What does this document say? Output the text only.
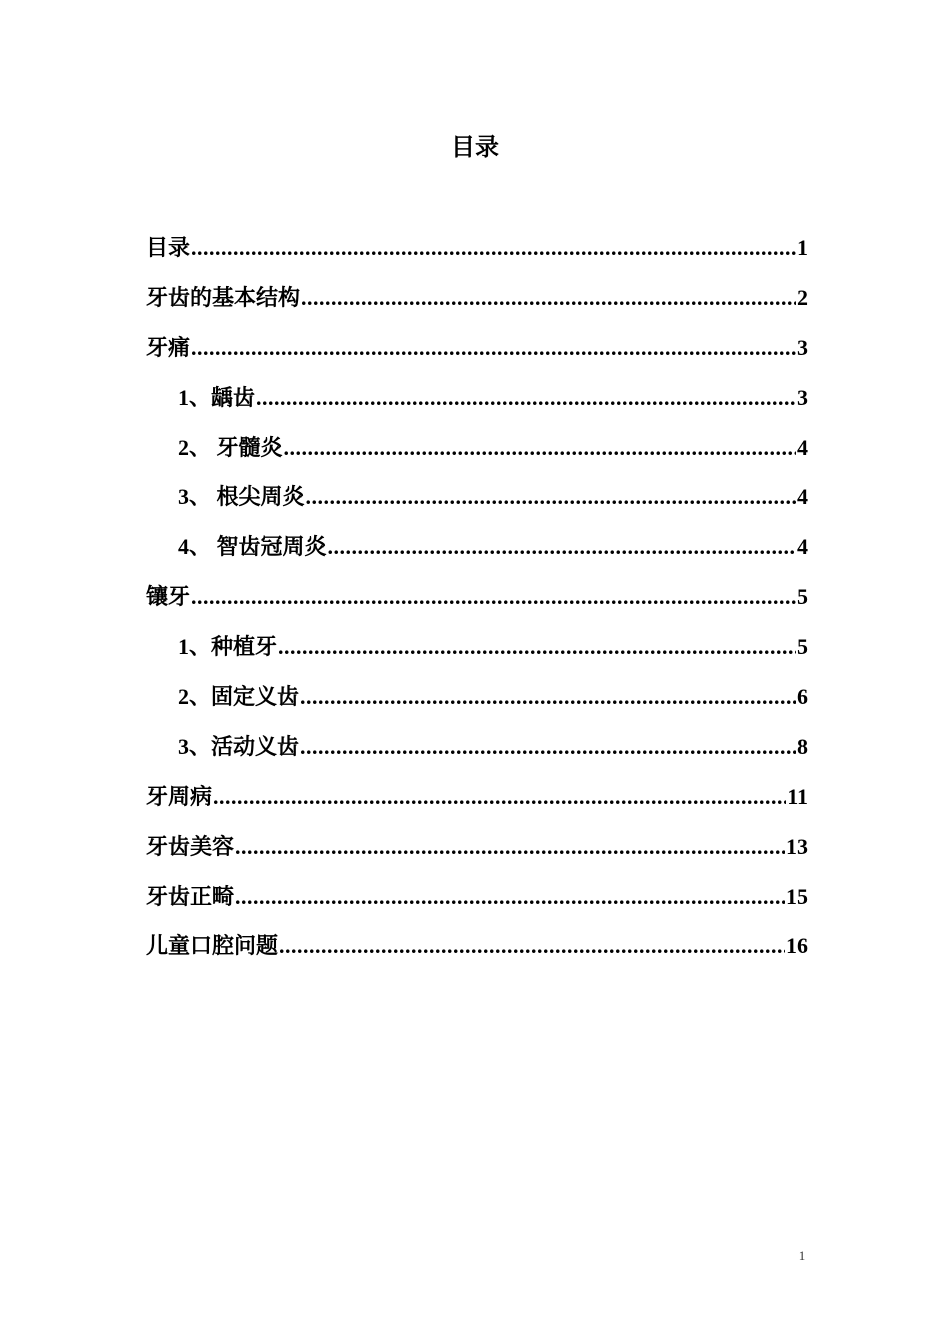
目录
目录 .....	1
牙齿的基本结构 .....	2
牙痛 .....	3
1、龋齿 .....	3
2、 牙髓炎 .....	4
3、 根尖周炎 .....	4
4、 智齿冠周炎 .....	4
镶牙 .....	5
1、种植牙 .....	5
2、固定义齿 .....	6
3、活动义齿 .....	8
牙周病 .....	11
牙齿美容 .....	13
牙齿正畸 .....	15
儿童口腔问题 .....	16
1
